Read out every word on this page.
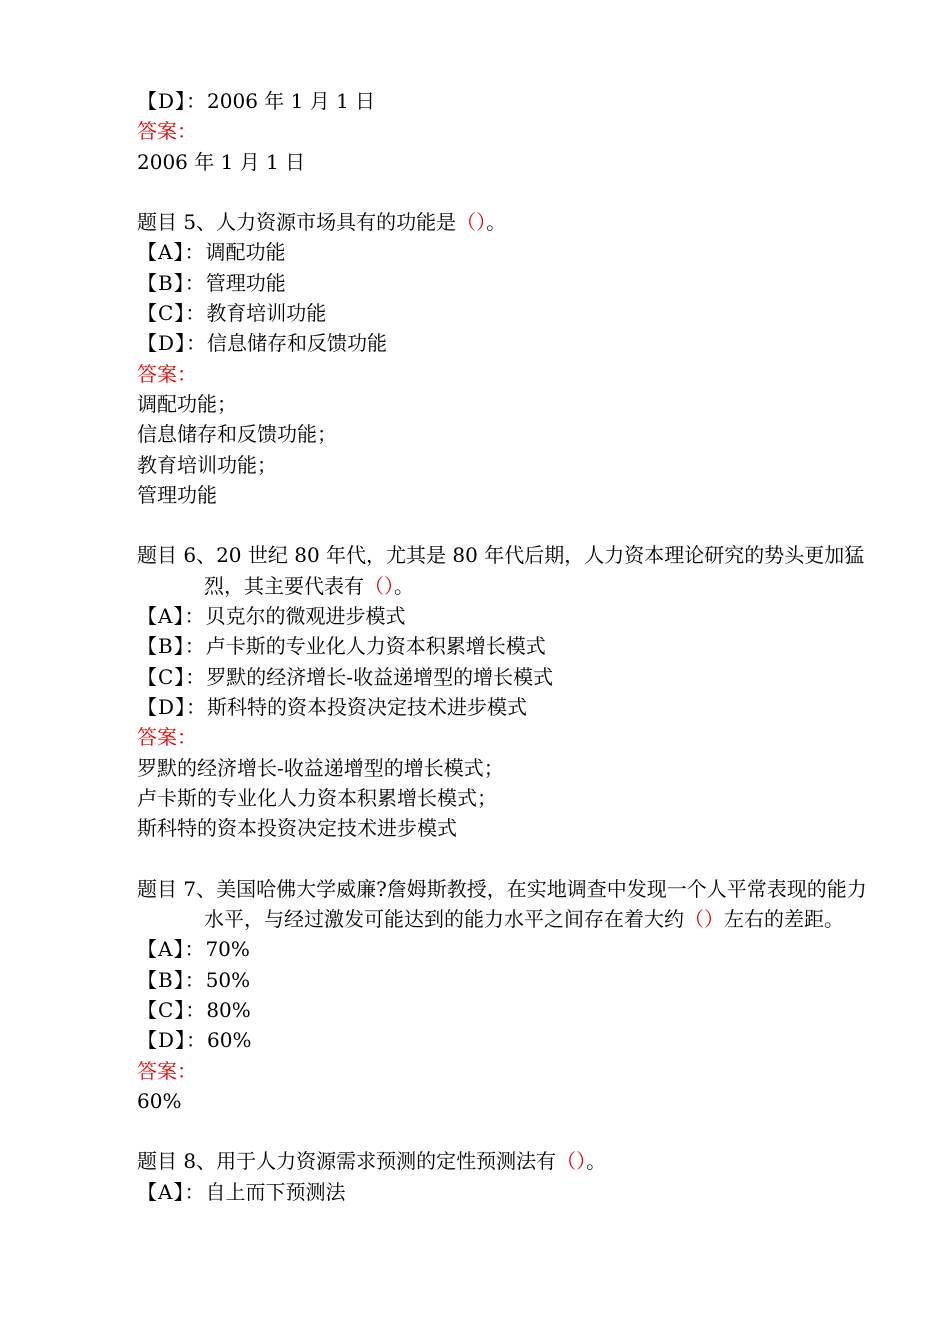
【D】：2006 年 1 月 1 日
答案：
2006 年 1 月 1 日
题目 5、人力资源市场具有的功能是（）。
【A】：调配功能
【B】：管理功能
【C】：教育培训功能
【D】：信息储存和反馈功能
答案：
调配功能；
信息储存和反馈功能；
教育培训功能；
管理功能
题目 6、20 世纪 80 年代，尤其是 80 年代后期，人力资本理论研究的势头更加猛烈，其主要代表有（）。
【A】：贝克尔的微观进步模式
【B】：卢卡斯的专业化人力资本积累增长模式
【C】：罗默的经济增长-收益递增型的增长模式
【D】：斯科特的资本投资决定技术进步模式
答案：
罗默的经济增长-收益递增型的增长模式；
卢卡斯的专业化人力资本积累增长模式；
斯科特的资本投资决定技术进步模式
题目 7、美国哈佛大学威廉?詹姆斯教授，在实地调查中发现一个人平常表现的能力水平，与经过激发可能达到的能力水平之间存在着大约（）左右的差距。
【A】：70%
【B】：50%
【C】：80%
【D】：60%
答案：
60%
题目 8、用于人力资源需求预测的定性预测法有（）。
【A】：自上而下预测法
